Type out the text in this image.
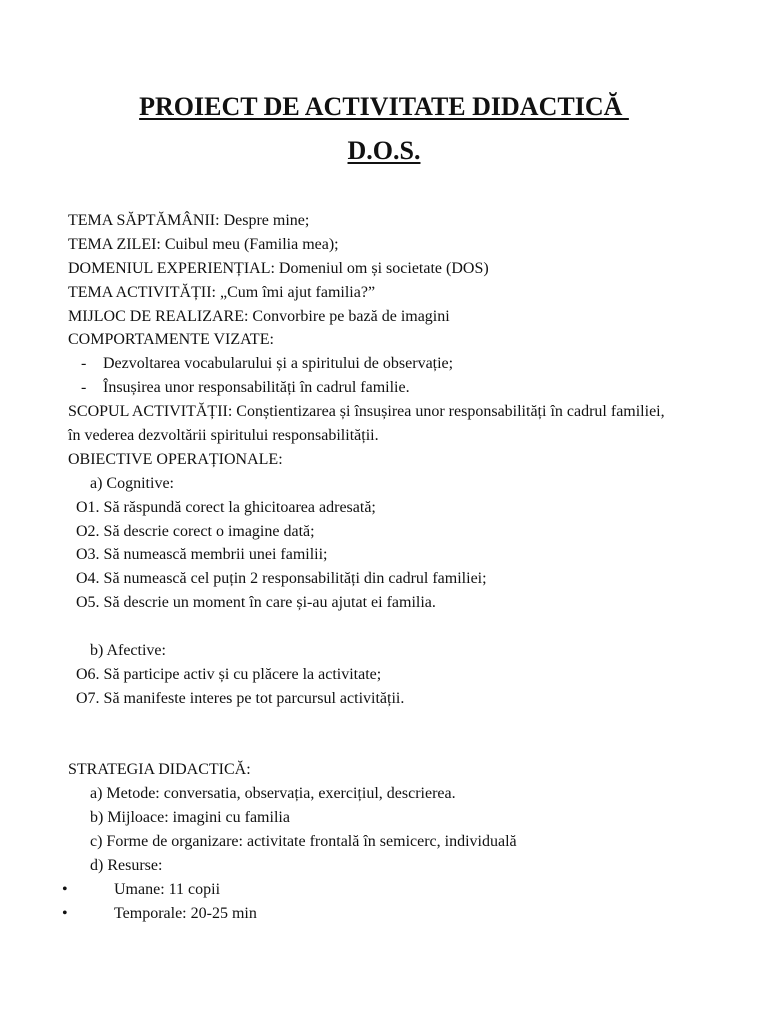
PROIECT DE ACTIVITATE DIDACTICĂ
D.O.S.
TEMA SĂPTĂMÂNII: Despre mine;
TEMA ZILEI: Cuibul meu (Familia mea);
DOMENIUL EXPERIENȚIAL: Domeniul om și societate (DOS)
TEMA ACTIVITĂȚII: „Cum îmi ajut familia?”
MIJLOC DE REALIZARE: Convorbire pe bază de imagini
COMPORTAMENTE VIZATE:
- Dezvoltarea vocabularului și a spiritului de observație;
- Însușirea unor responsabilități în cadrul familie.
SCOPUL ACTIVITĂȚII: Conștientizarea și însușirea unor responsabilități în cadrul familiei,
în vederea dezvoltării spiritului responsabilității.
OBIECTIVE OPERAȚIONALE:
a) Cognitive:
O1. Să răspundă corect la ghicitoarea adresată;
O2. Să descrie corect o imagine dată;
O3. Să numească membrii unei familii;
O4. Să numească cel puțin 2 responsabilități din cadrul familiei;
O5. Să descrie un moment în care și-au ajutat ei familia.
b) Afective:
O6. Să participe activ și cu plăcere la activitate;
O7. Să manifeste interes pe tot parcursul activității.
STRATEGIA DIDACTICĂ:
a) Metode: conversatia, observația, exercițiul, descrierea.
b) Mijloace: imagini cu familia
c) Forme de organizare: activitate frontală în semicerc, individuală
d) Resurse:
•	Umane: 11 copii
•	Temporale: 20-25 min
